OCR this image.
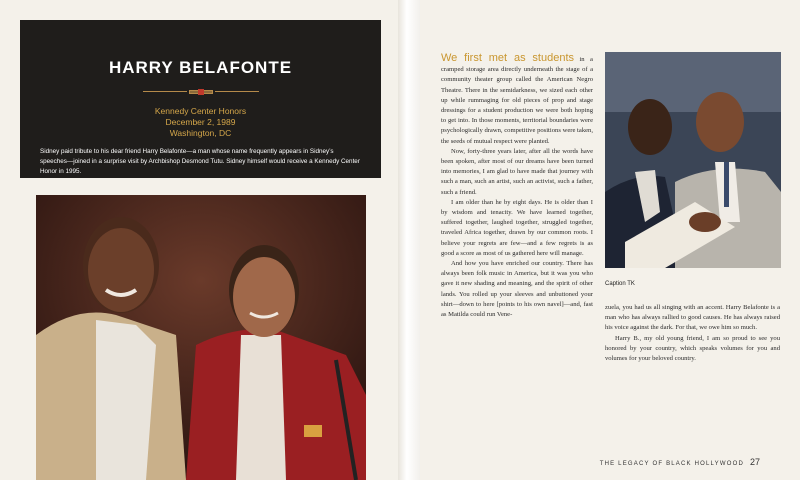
HARRY BELAFONTE
Kennedy Center Honors
December 2, 1989
Washington, DC
Sidney paid tribute to his dear friend Harry Belafonte—a man whose name frequently appears in Sidney’s speeches—joined in a surprise visit by Archbishop Desmond Tutu. Sidney himself would receive a Kennedy Center Honor in 1995.

We first met as students in a cramped storage area directly underneath the stage of a community theater group called the American Negro Theatre. There in the semidarkness, we sized each other up while rummaging for old pieces of prop and stage dressings for a student production we were both hoping to get into. In those moments, territorial boundaries were psychologically drawn, competitive positions were taken, the seeds of mutual respect were planted.

Now, forty-three years later, after all the words have been spoken, after most of our dreams have been turned into memories, I am glad to have made that journey with such a man, such an artist, such an activist, such a father, such a friend.

I am older than he by eight days. He is older than I by wisdom and tenacity. We have learned together, suffered together, laughed together, struggled together, traveled Africa together, drawn by our common roots. I believe your regrets are few—and a few regrets is as good a score as most of us gathered here will manage.

And how you have enriched our country. There has always been folk music in America, but it was you who gave it new shading and meaning, and the spirit of other lands. You rolled up your sleeves and unbuttoned your shirt—down to here [points to his own navel]—and, fast as Matilda could run Vene-

Caption TK

zuela, you had us all singing with an accent. Harry Belafonte is a man who has always rallied to good causes. He has always raised his voice against the dark. For that, we owe him so much.

Harry B., my old young friend, I am so proud to see you honored by your country, which speaks volumes for you and volumes for your beloved country.

THE LEGACY OF BLACK HOLLYWOOD 27
